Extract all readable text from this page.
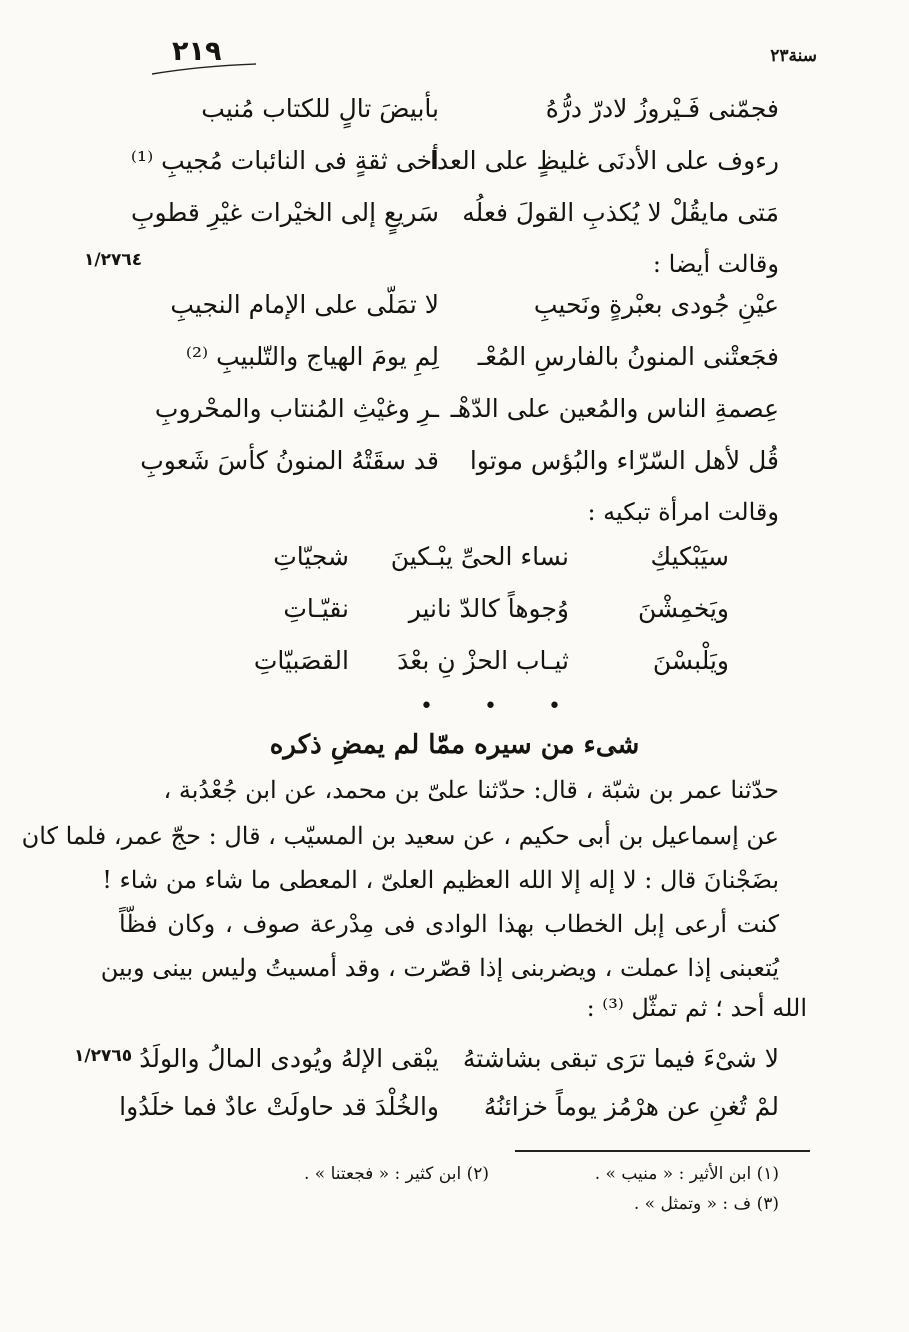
٢١٩	سنة٢٣
فجمّنى فَـيْروزُ لادرّ درُّهُ
بأبيضَ تالٍ للكتاب مُنيب
رءوف على الأدنَى غليظٍ على العدا
أخى ثقةٍ فى النائبات مُجيبِ ⁽¹⁾
مَتى مايقُلْ لا يُكذبِ القولَ فعلُه
سَريعٍ إلى الخيْرات غيْرِ قطوبِ
وقالت أيضا :
١/٢٧٦٤
عيْنِ جُودى بعبْرةٍ ونَحيبِ
لا تمَلّى على الإمام النجيبِ
فجَعتْنى المنونُ بالفارسِ المُعْـ
لِمِ يومَ الهياج والتّلبيبِ ⁽²⁾
عِصمةِ الناس والمُعين على الدّهْـ
ـرِ وغيْثِ المُنتاب والمحْروبِ
قُل لأهل السّرّاء والبُؤس موتوا
قد سقَتْهُ المنونُ كأسَ شَعوبِ
وقالت امرأة تبكيه :
سيَبْكيكِ
نساء الحىِّ يبْـكينَ
شجيّاتِ
ويَخمِشْنَ
وُجوهاً كالدّ نانير
نقيّـاتِ
ويَلْبسْنَ
ثيـاب الحزْ نِ بعْدَ
القصَبيّاتِ
• • •
شىء من سيره ممّا لم يمضِ ذكره
حدّثنا عمر بن شبّة ، قال: حدّثنا علىّ بن محمد، عن ابن جُعْدُبة ،
عن إسماعيل بن أبى حكيم ، عن سعيد بن المسيّب ، قال : حجّ عمر، فلما كان
بضَجْنانَ قال : لا إله إلا الله العظيم العلىّ ، المعطى ما شاء من شاء !
كنت أرعى إبل الخطاب بهذا الوادى فى مِدْرعة صوف ، وكان فظّاً
يُتعبنى إذا عملت ، ويضربنى إذا قصّرت ، وقد أمسيتُ وليس بينى وبين
الله أحد ؛ ثم تمثّل ⁽³⁾ :
١/٢٧٦٥	لا شىْءَ فيما ترَى تبقى بشاشتهُ
يبْقى الإلهُ ويُودى المالُ والولَدُ
لمْ تُغنِ عن هرْمُز يوماً خزائنُهُ
والخُلْدَ قد حاولَتْ عادٌ فما خلَدُوا
(١) ابن الأثير : « منيب » .
(٢) ابن كثير : « فجعتنا » .
(٣) ف : « وتمثل » .
